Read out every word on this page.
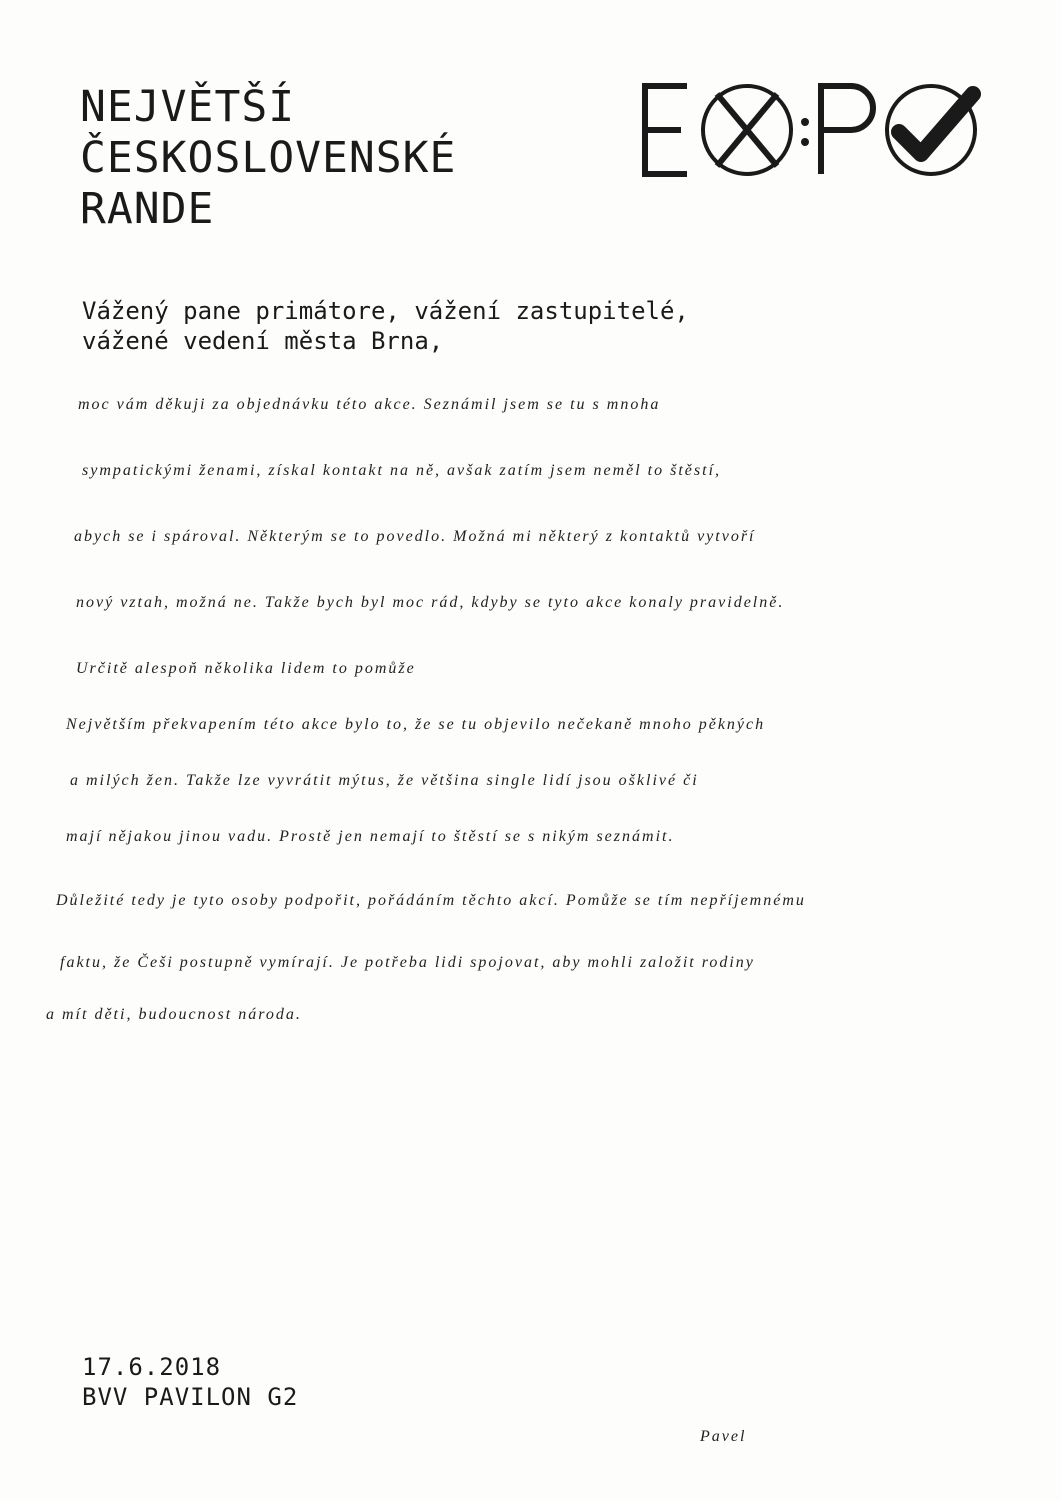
NEJVĚTŠÍ
ČESKOSLOVENSKÉ
RANDE
Vážený pane primátore, vážení zastupitelé,
vážené vedení města Brna,
moc vám děkuji za objednávku této akce. Seznámil jsem se tu s mnoha
sympatickými ženami, získal kontakt na ně, avšak zatím jsem neměl to štěstí,
abych se i spároval. Některým se to povedlo. Možná mi některý z kontaktů vytvoří
nový vztah, možná ne. Takže bych byl moc rád, kdyby se tyto akce konaly pravidelně.
Určitě alespoň několika lidem to pomůže
Největším překvapením této akce bylo to, že se tu objevilo nečekaně mnoho pěkných
a milých žen. Takže lze vyvrátit mýtus, že většina single lidí jsou ošklivé či
mají nějakou jinou vadu. Prostě jen nemají to štěstí se s nikým seznámit.
Důležité tedy je tyto osoby podpořit, pořádáním těchto akcí. Pomůže se tím nepříjemnému
faktu, že Češi postupně vymírají. Je potřeba lidi spojovat, aby mohli založit rodiny
a mít děti, budoucnost národa.
17.6.2018
BVV PAVILON G2
Pavel
